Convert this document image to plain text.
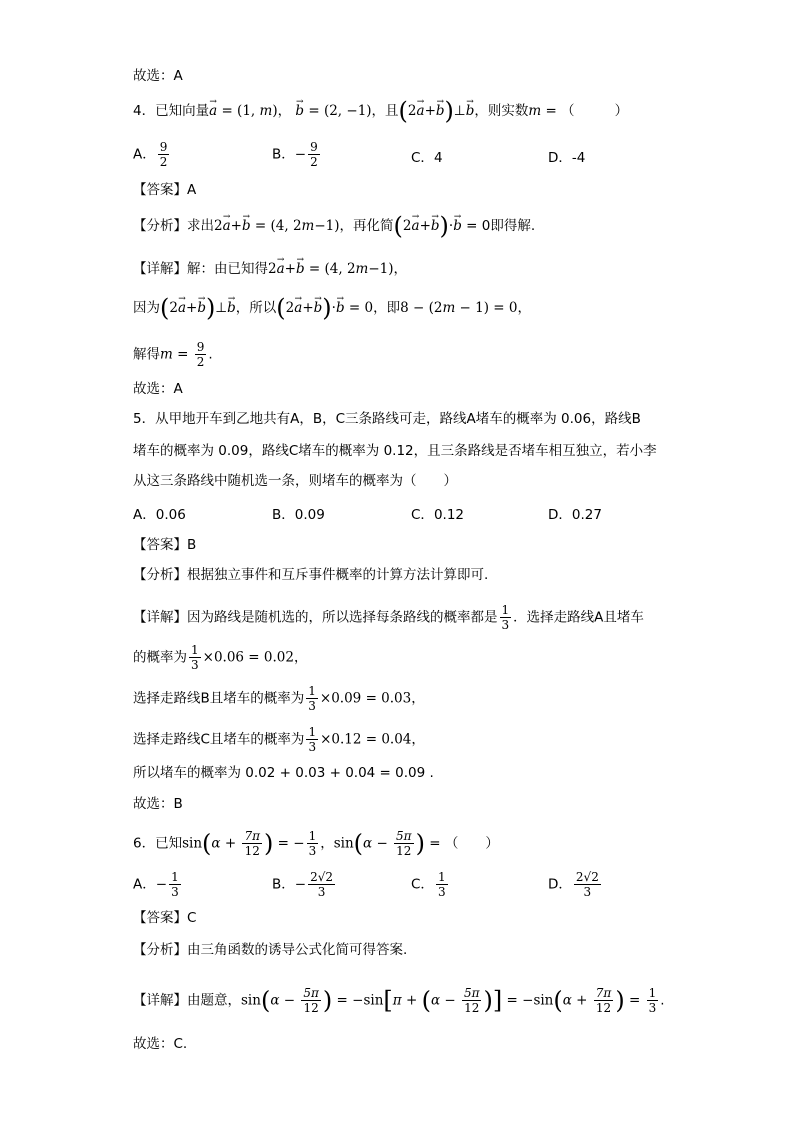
故选：A
4．已知向量→ a = (1, m)， → b = (2, −1)，且(2→ a+→ b)⊥→ b，则实数m = （	）
A． $\frac{9}{2}$	B．− $\frac{9}{2}$	C．4	D．-4
【答案】A
【分析】求出2→ a+→ b = (4, 2m−1)，再化简(2→ a+→ b)·→ b = 0即得解.
【详解】解：由已知得2→ a+→ b = (4, 2m−1)，
因为(2→ a+→ b)⊥→ b，所以(2→ a+→ b)·→ b = 0，即8 − (2m − 1) = 0，
解得$m = \frac{9}{2}$ .
故选：A
5．从甲地开车到乙地共有A，B，C三条路线可走，路线A堵车的概率为 0.06，路线B
堵车的概率为 0.09，路线C堵车的概率为 0.12，且三条路线是否堵车相互独立，若小李
从这三条路线中随机选一条，则堵车的概率为（　　）
A．0.06	B．0.09	C．0.12	D．0.27
【答案】B
【分析】根据独立事件和互斥事件概率的计算方法计算即可.
【详解】因为路线是随机选的，所以选择每条路线的概率都是 $\frac{1}{3}$ ．选择走路线A且堵车
的概率为 $\frac{1}{3} \times 0.06 = 0.02$，
选择走路线B且堵车的概率为 $\frac{1}{3} \times 0.09 = 0.03$，
选择走路线C且堵车的概率为 $\frac{1}{3} \times 0.12 = 0.04$，
所以堵车的概率为 0.02 + 0.03 + 0.04 = 0.09 .
故选：B
6．已知$\sin(\alpha + \frac{7\pi}{12}$ ) = − $\frac{1}{3}$ ，$\sin(\alpha - \frac{5\pi}{12}$ ) = （　　）
A．− $\frac{1}{3}$	B．− $\frac{2√2}{3}$	C． $\frac{1}{3}$	D． $\frac{2√2}{3}$
【答案】C
【分析】由三角函数的诱导公式化简可得答案.
【详解】由题意，$\sin(\alpha - \frac{5\pi}{12}$ ) = $-\sin[\pi + (\alpha - \frac{5\pi}{12}$ )] = $-\sin(\alpha + \frac{7\pi}{12}$ ) = $\frac{1}{3}$ .
故选：C.
